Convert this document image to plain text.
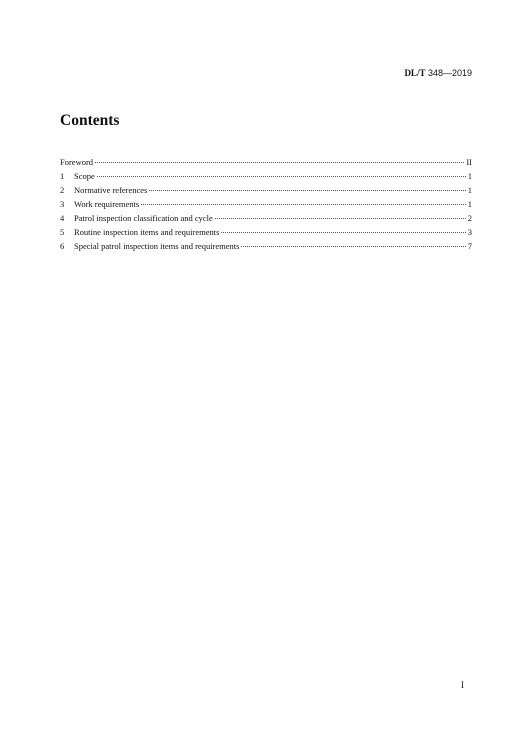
DL/T 348—2019
Contents
Foreword	II
1	Scope	1
2	Normative references	1
3	Work requirements	1
4	Patrol inspection classification and cycle	2
5	Routine inspection items and requirements	3
6	Special patrol inspection items and requirements	7
I
